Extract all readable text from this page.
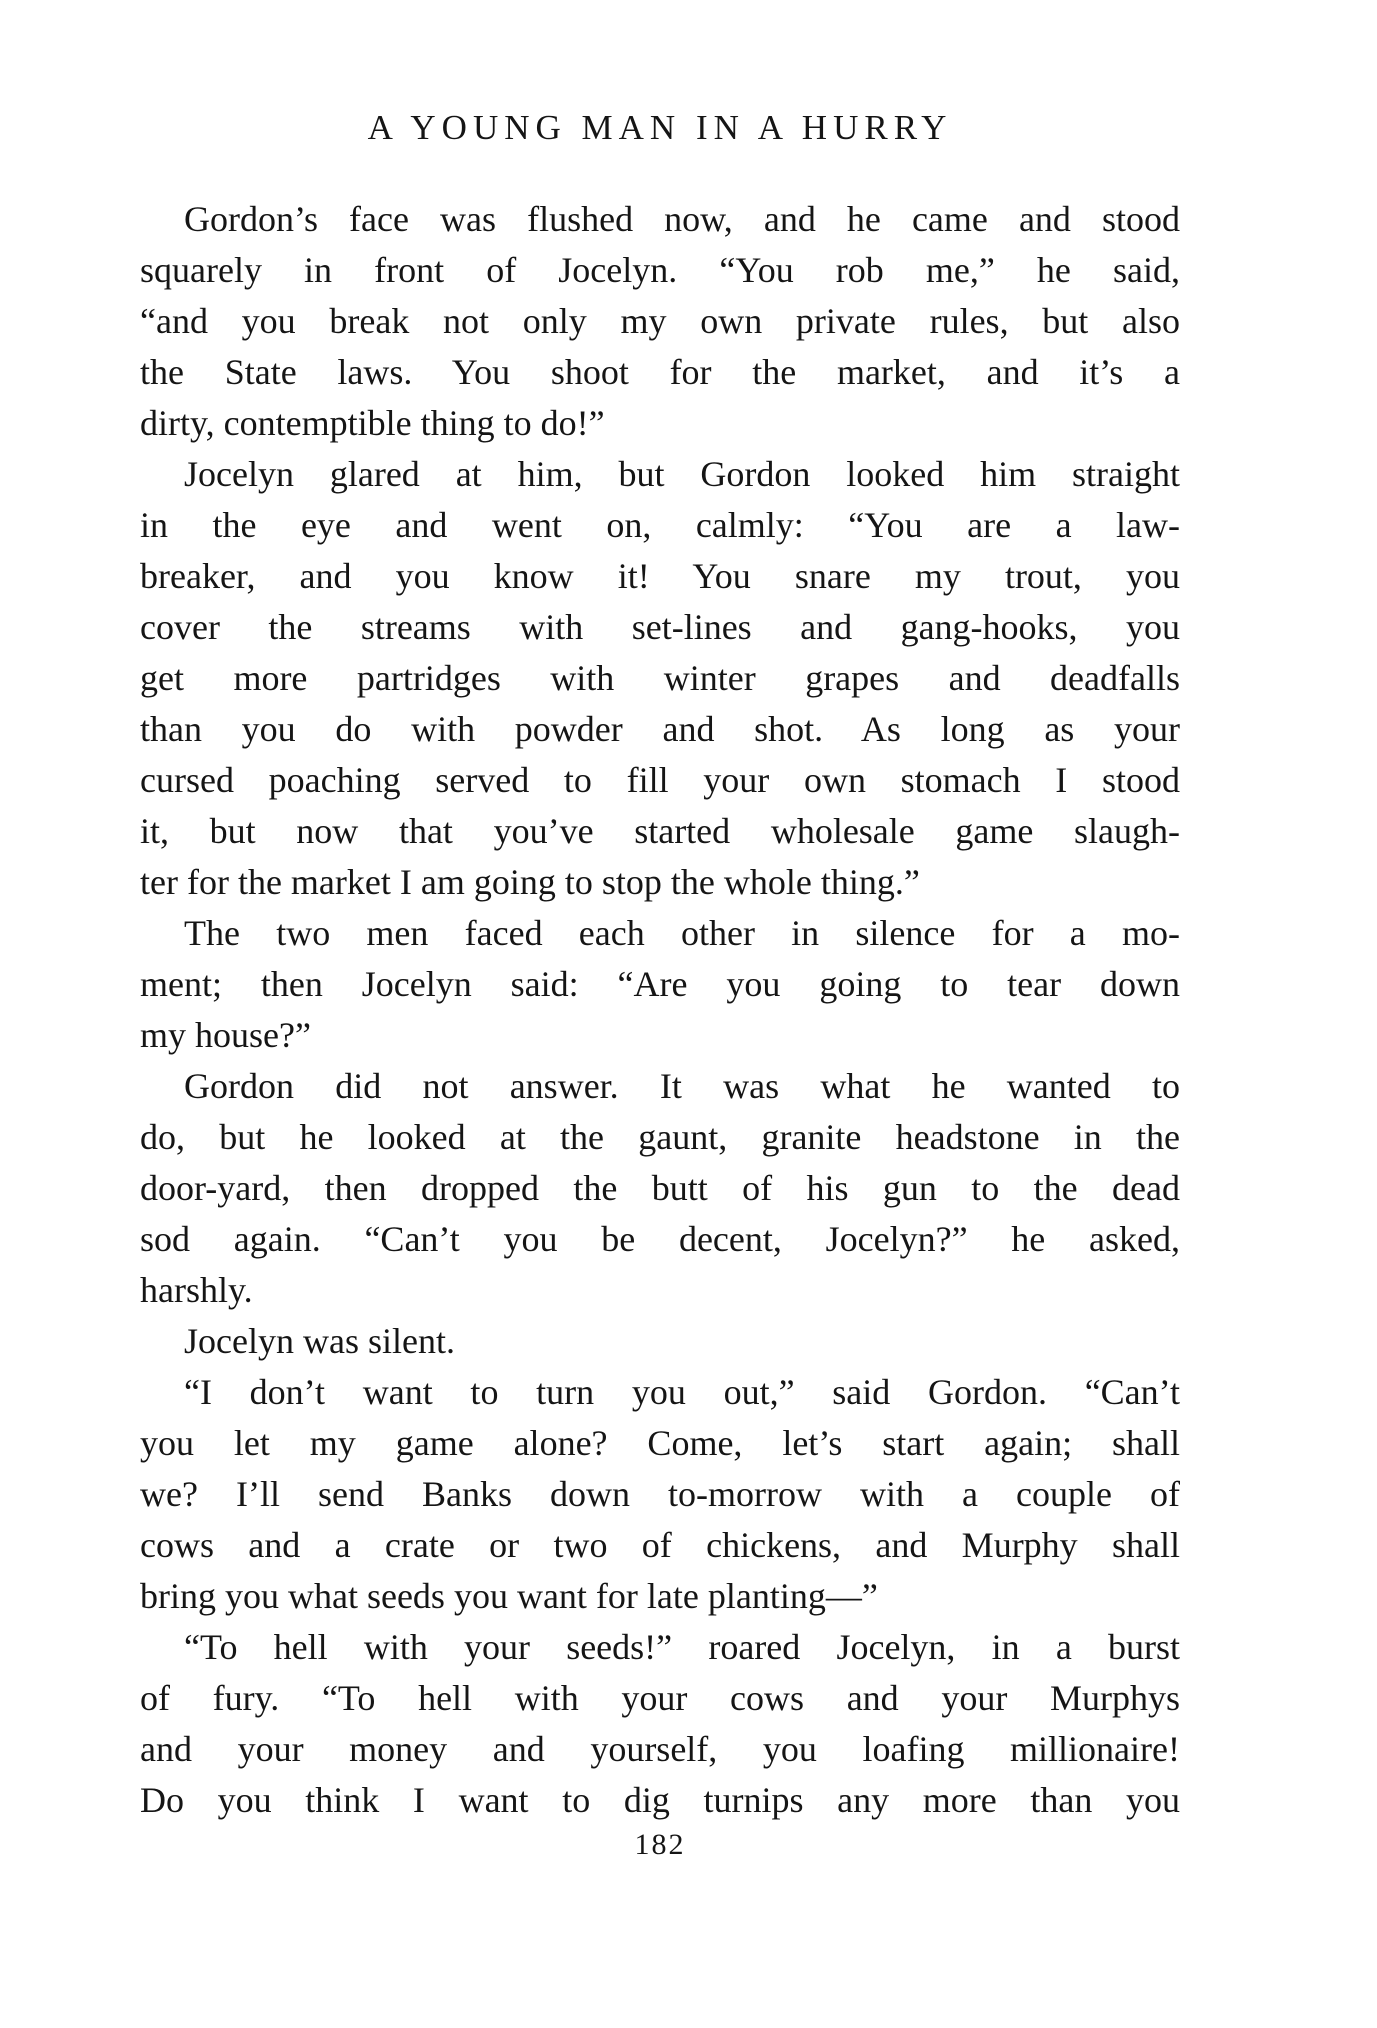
A YOUNG MAN IN A HURRY

Gordon’s face was flushed now, and he came and stood
squarely in front of Jocelyn. “You rob me,” he said,
“and you break not only my own private rules, but also
the State laws. You shoot for the market, and it’s a
dirty, contemptible thing to do!”

Jocelyn glared at him, but Gordon looked him straight
in the eye and went on, calmly: “You are a law-
breaker, and you know it! You snare my trout, you
cover the streams with set-lines and gang-hooks, you
get more partridges with winter grapes and deadfalls
than you do with powder and shot. As long as your
cursed poaching served to fill your own stomach I stood
it, but now that you’ve started wholesale game slaugh-
ter for the market I am going to stop the whole thing.”

The two men faced each other in silence for a mo-
ment; then Jocelyn said: “Are you going to tear down
my house?”

Gordon did not answer. It was what he wanted to
do, but he looked at the gaunt, granite headstone in the
door-yard, then dropped the butt of his gun to the dead
sod again. “Can’t you be decent, Jocelyn?” he asked,
harshly.

Jocelyn was silent.

“I don’t want to turn you out,” said Gordon. “Can’t
you let my game alone? Come, let’s start again; shall
we? I’ll send Banks down to-morrow with a couple of
cows and a crate or two of chickens, and Murphy shall
bring you what seeds you want for late planting—”

“To hell with your seeds!” roared Jocelyn, in a burst
of fury. “To hell with your cows and your Murphys
and your money and yourself, you loafing millionaire!
Do you think I want to dig turnips any more than you

182
